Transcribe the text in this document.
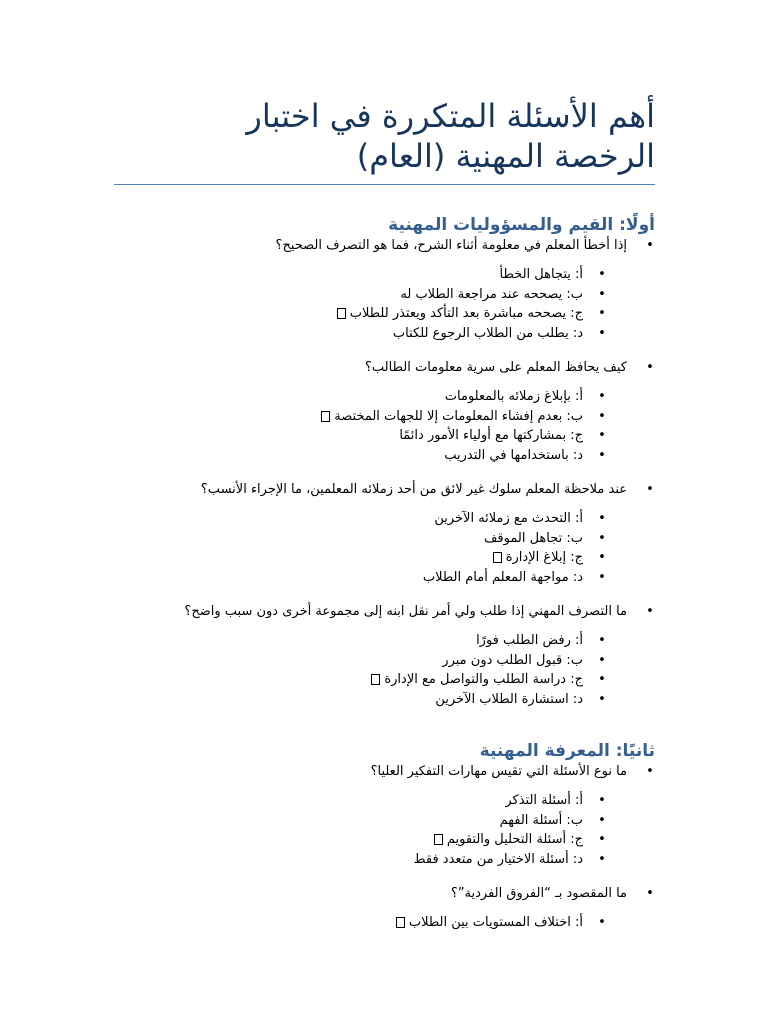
أهم الأسئلة المتكررة في اختبار
الرخصة المهنية (العام)
أولًا: القيم والمسؤوليات المهنية
•
إذا أخطأ المعلم في معلومة أثناء الشرح، فما هو التصرف الصحيح؟
•
أ: يتجاهل الخطأ
•
ب: يصححه عند مراجعة الطلاب له
•
ج: يصححه مباشرة بعد التأكد ويعتذر للطلاب
•
د: يطلب من الطلاب الرجوع للكتاب
•
كيف يحافظ المعلم على سرية معلومات الطالب؟
•
أ: بإبلاغ زملائه بالمعلومات
•
ب: بعدم إفشاء المعلومات إلا للجهات المختصة
•
ج: بمشاركتها مع أولياء الأمور دائمًا
•
د: باستخدامها في التدريب
•
عند ملاحظة المعلم سلوك غير لائق من أحد زملائه المعلمين، ما الإجراء الأنسب؟
•
أ: التحدث مع زملائه الآخرين
•
ب: تجاهل الموقف
•
ج: إبلاغ الإدارة
•
د: مواجهة المعلم أمام الطلاب
•
ما التصرف المهني إذا طلب ولي أمر نقل ابنه إلى مجموعة أخرى دون سبب واضح؟
•
أ: رفض الطلب فورًا
•
ب: قبول الطلب دون مبرر
•
ج: دراسة الطلب والتواصل مع الإدارة
•
د: استشارة الطلاب الآخرين
ثانيًا: المعرفة المهنية
•
ما نوع الأسئلة التي تقيس مهارات التفكير العليا؟
•
أ: أسئلة التذكر
•
ب: أسئلة الفهم
•
ج: أسئلة التحليل والتقويم
•
د: أسئلة الاختيار من متعدد فقط
•
ما المقصود بـ “الفروق الفردية”؟
•
أ: اختلاف المستويات بين الطلاب
